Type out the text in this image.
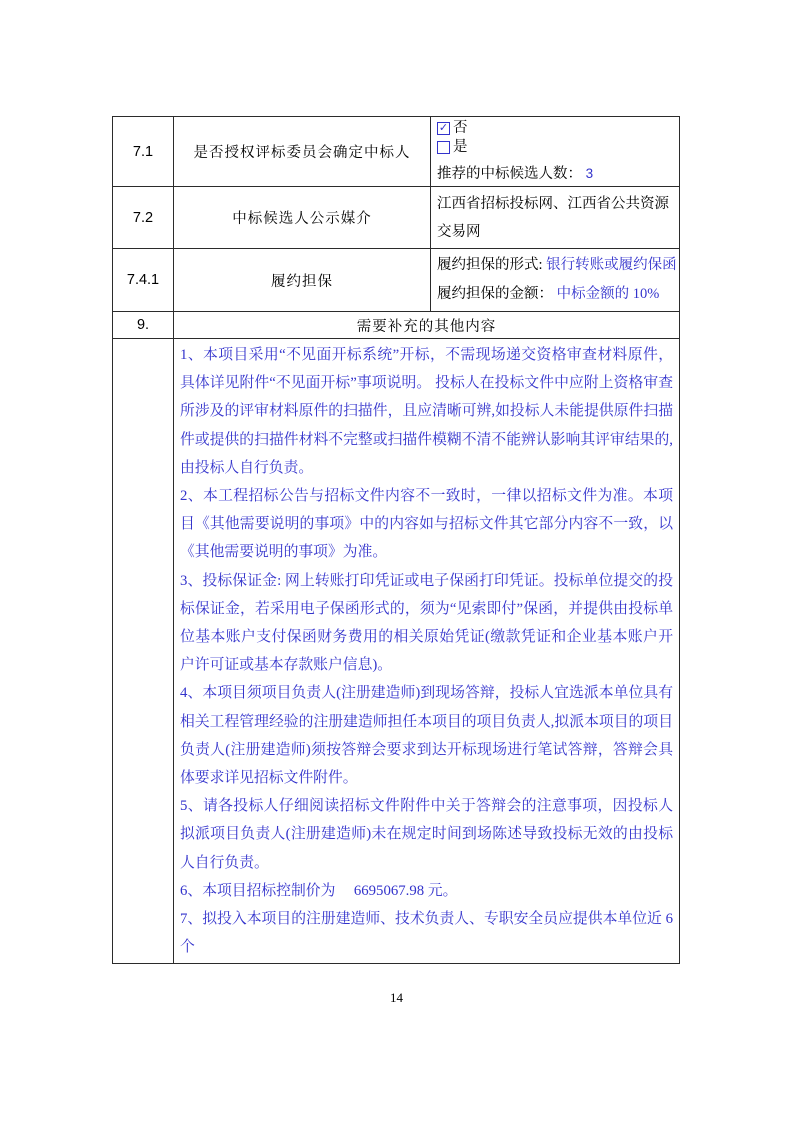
7.1	是否授权评标委员会确定中标人	✓ 否
是
推荐的中标候选人数： 3

7.2	中标候选人公示媒介	江西省招标投标网、江西省公共资源交易网
7.4.1	履约担保	履约担保的形式: 银行转账或履约保函
履约担保的金额： 中标金额的 10%

9.	需要补充的其他内容	

1、本项目采用“不见面开标系统”开标，不需现场递交资格审查材料原件，具体详见附件“不见面开标”事项说明。 投标人在投标文件中应附上资格审查所涉及的评审材料原件的扫描件，且应清晰可辨,如投标人未能提供原件扫描件或提供的扫描件材料不完整或扫描件模糊不清不能辨认影响其评审结果的,由投标人自行负责。

2、本工程招标公告与招标文件内容不一致时，一律以招标文件为准。本项目《其他需要说明的事项》中的内容如与招标文件其它部分内容不一致，以《其他需要说明的事项》为准。

3、投标保证金: 网上转账打印凭证或电子保函打印凭证。投标单位提交的投标保证金，若采用电子保函形式的，须为“见索即付”保函，并提供由投标单位基本账户支付保函财务费用的相关原始凭证(缴款凭证和企业基本账户开户许可证或基本存款账户信息)。

4、本项目须项目负责人(注册建造师)到现场答辩，投标人宜选派本单位具有相关工程管理经验的注册建造师担任本项目的项目负责人,拟派本项目的项目负责人(注册建造师)须按答辩会要求到达开标现场进行笔试答辩，答辩会具体要求详见招标文件附件。

5、请各投标人仔细阅读招标文件附件中关于答辩会的注意事项，因投标人拟派项目负责人(注册建造师)未在规定时间到场陈述导致投标无效的由投标人自行负责。

6、本项目招标控制价为　 6695067.98 元。

7、拟投入本项目的注册建造师、技术负责人、专职安全员应提供本单位近 6 个

14
